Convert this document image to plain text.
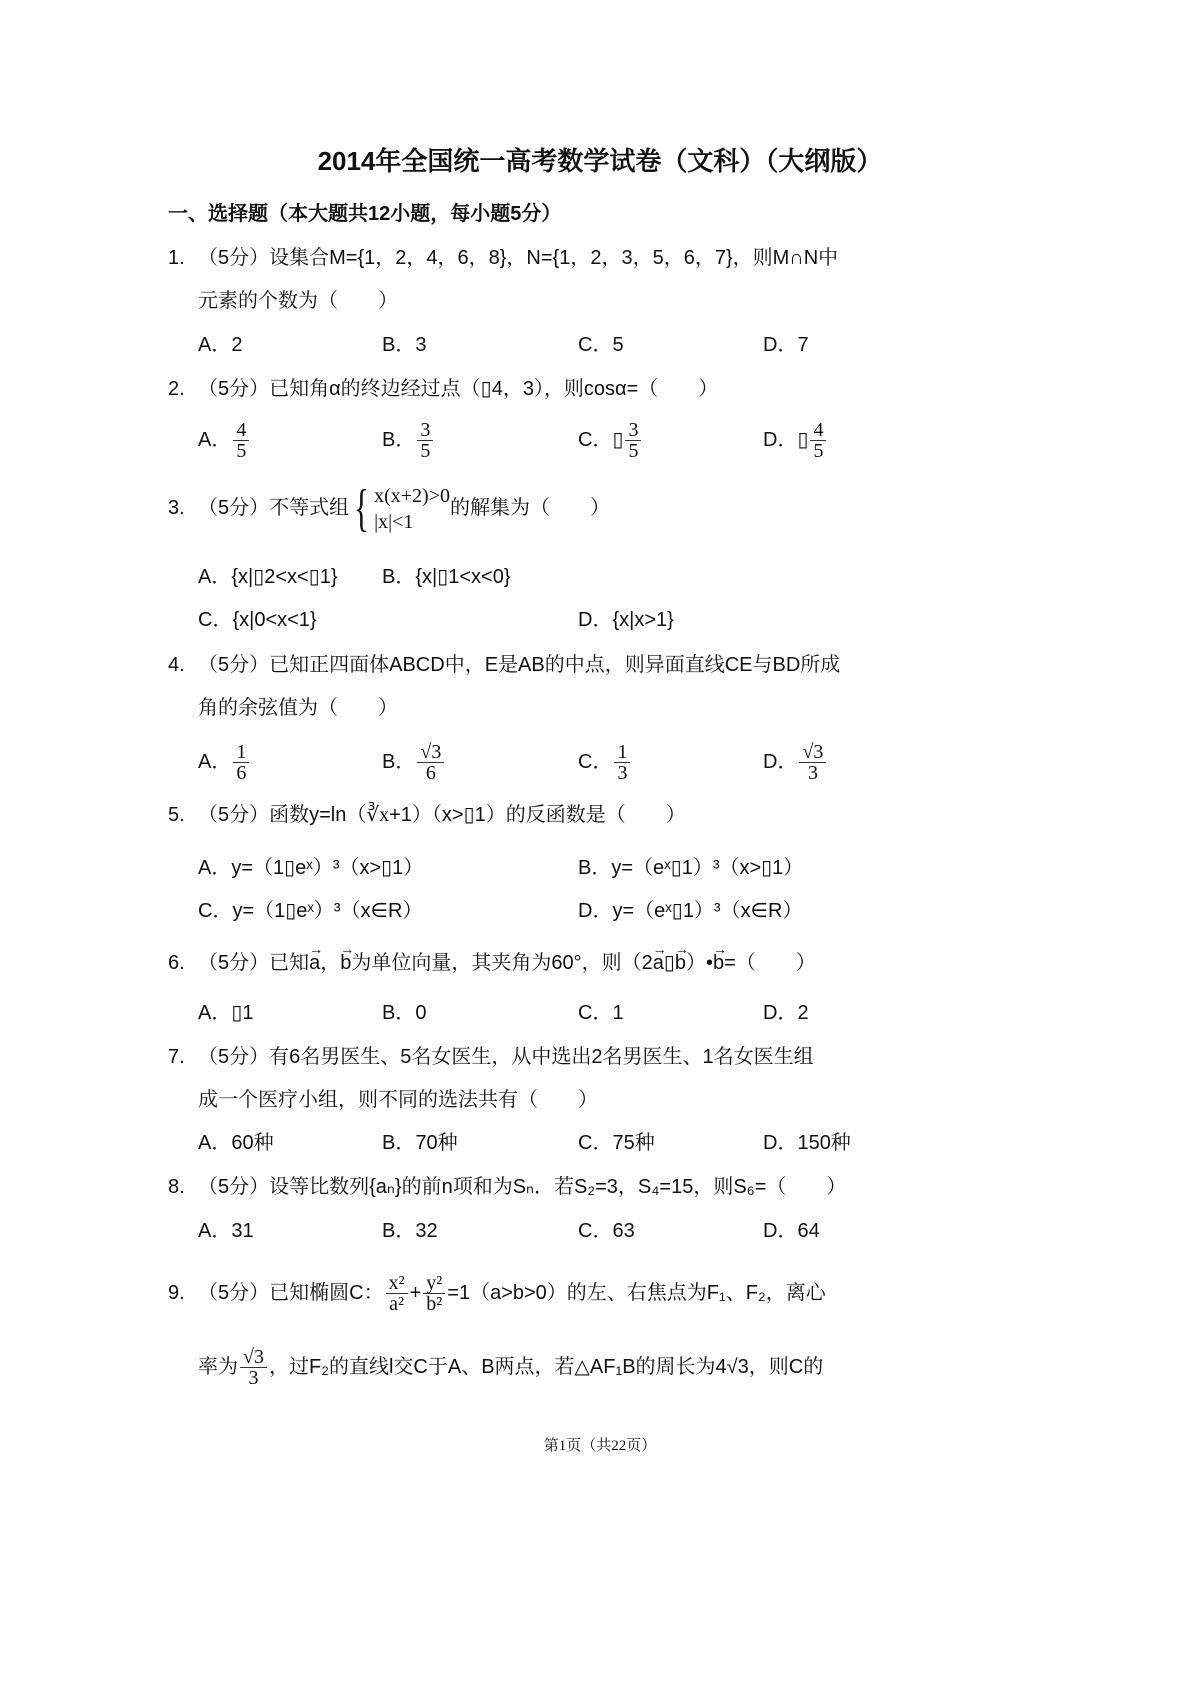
2014年全国统一高考数学试卷（文科）（大纲版）
一、选择题（本大题共12小题，每小题5分）
1. （5分）设集合M={1，2，4，6，8}，N={1，2，3，5，6，7}，则M∩N中
元素的个数为（　　）
A．2	B．3	C．5	D．7
2. （5分）已知角α的终边经过点（▯4，3），则cosα=（　　）
A． $\frac{4}{5}$	B． $\frac{3}{5}$	C．▯ $\frac{3}{5}$	D．▯ $\frac{4}{5}$
3. （5分）不等式组 { x(x+2)>0
|x|<1
的解集为（　　）
A．{x|▯2<x<▯1} B．{x|▯1<x<0}
C．{x|0<x<1}	D．{x|x>1}
4. （5分）已知正四面体ABCD中，E是AB的中点，则异面直线CE与BD所成
角的余弦值为（　　）
A． $\frac{1}{6}$	B． $\frac{√3}{6}$	C． $\frac{1}{3}$	D． $\frac{√3}{3}$
5. （5分）函数y=ln（∛x+1）（x>▯1）的反函数是（　　）
A．y=（1▯eˣ）³（x>▯1）	B．y=（eˣ▯1）³（x>▯1）
C．y=（1▯eˣ）³（x∈R）	D．y=（eˣ▯1）³（x∈R）
6. （5分）已知→ a，→ b为单位向量，其夹角为60°，则（2→ a▯→ b）•→ b=（　　）
A．▯1	B．0	C．1	D．2
7. （5分）有6名男医生、5名女医生，从中选出2名男医生、1名女医生组
成一个医疗小组，则不同的选法共有（　　）
A．60种	B．70种	C．75种	D．150种
8. （5分）设等比数列{aₙ}的前n项和为Sₙ．若S₂=3，S₄=15，则S₆=（　　）
A．31	B．32	C．63	D．64
9. （5分）已知椭圆C： $\frac{\text{x²}}{\text{a²}} + \frac{\text{y²}}{\text{b²}} =1(a>b>0)$的左、右焦点为F₁、F₂，离心
率为 $\frac{√3}{3}$ ，过F₂的直线l交C于A、B两点，若△AF₁B的周长为4√3，则C的
第1页（共22页）
